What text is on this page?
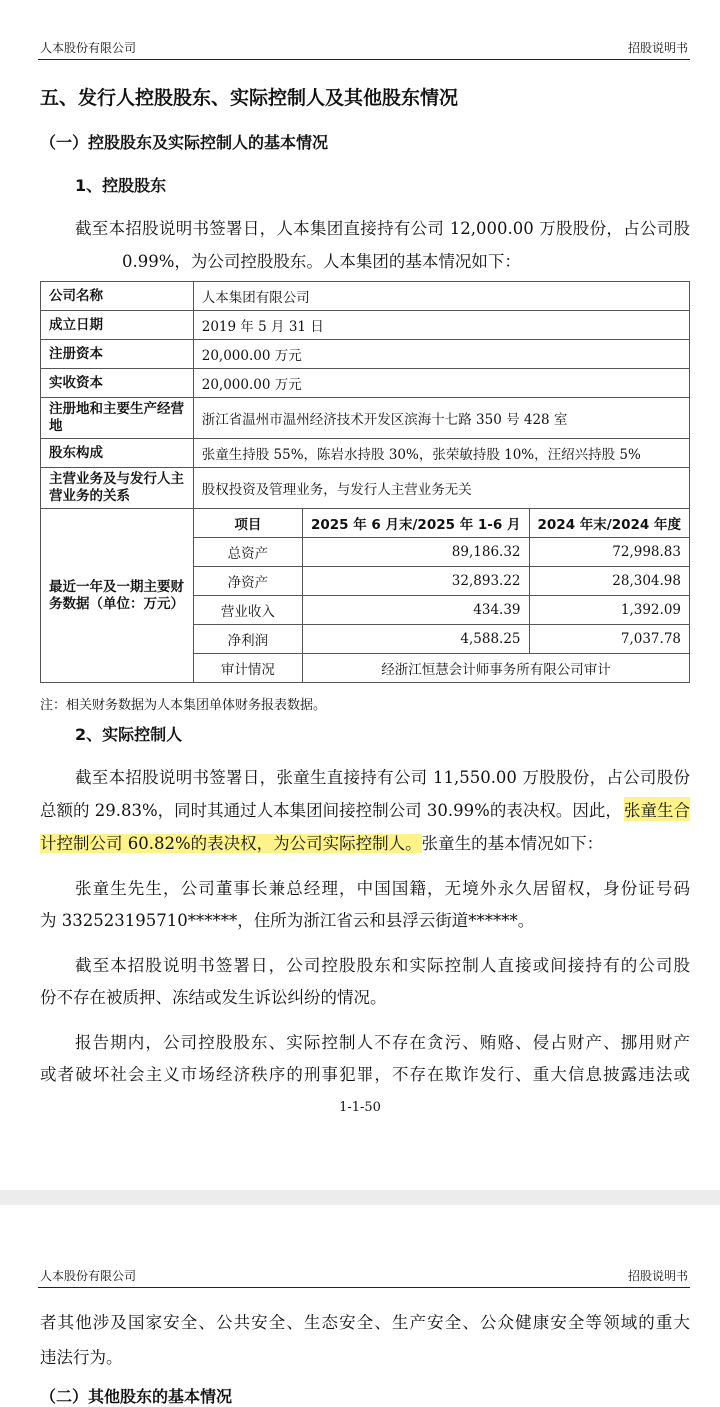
人本股份有限公司	招股说明书
五、发行人控股股东、实际控制人及其他股东情况
（一）控股股东及实际控制人的基本情况
1、控股股东
截至本招股说明书签署日，人本集团直接持有公司 12,000.00 万股股份，占公司股
0.99%，为公司控股股东。人本集团的基本情况如下：
公司名称	人本集团有限公司		
成立日期	2019 年 5 月 31 日		
注册资本	20,000.00 万元		
实收资本	20,000.00 万元		
注册地和主要生产经营地	浙江省温州市温州经济技术开发区滨海十七路 350 号 428 室		
股东构成	张童生持股 55%，陈岩水持股 30%，张荣敏持股 10%，汪绍兴持股 5%		
主营业务及与发行人主营业务的关系	股权投资及管理业务，与发行人主营业务无关		
最近一年及一期主要财务数据（单位：万元）	项目	2025 年 6 月末/2025 年 1-6 月	2024 年末/2024 年度
	总资产	89,186.32	72,998.83
	净资产	32,893.22	28,304.98
	营业收入	434.39	1,392.09
	净利润	4,588.25	7,037.78
	审计情况	经浙江恒慧会计师事务所有限公司审计	
注：相关财务数据为人本集团单体财务报表数据。
2、实际控制人
截至本招股说明书签署日，张童生直接持有公司 11,550.00 万股股份，占公司股份
总额的 29.83%，同时其通过人本集团间接控制公司 30.99%的表决权。因此， 张童生合
计控制公司 60.82%的表决权，为公司实际控制人。张童生的基本情况如下：
张童生先生，公司董事长兼总经理，中国国籍，无境外永久居留权，身份证号码
为 332523195710******，住所为浙江省云和县浮云街道******。
截至本招股说明书签署日，公司控股股东和实际控制人直接或间接持有的公司股
份不存在被质押、冻结或发生诉讼纠纷的情况。
报告期内，公司控股股东、实际控制人不存在贪污、贿赂、侵占财产、挪用财产
或者破坏社会主义市场经济秩序的刑事犯罪，不存在欺诈发行、重大信息披露违法或
1-1-50
人本股份有限公司	招股说明书
者其他涉及国家安全、公共安全、生态安全、生产安全、公众健康安全等领域的重大
违法行为。
（二）其他股东的基本情况
